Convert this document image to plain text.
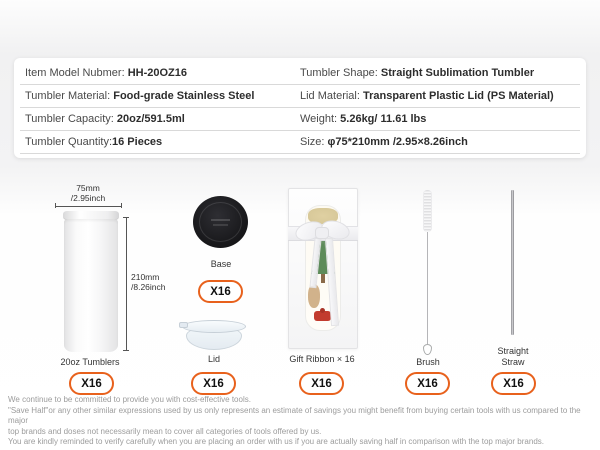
Item Model Nubmer: HH-20OZ16	Tumbler Shape: Straight Sublimation Tumbler
Tumbler Material: Food-grade Stainless Steel	Lid Material: Transparent Plastic Lid (PS Material)
Tumbler Capacity: 20oz/591.5ml	Weight: 5.26kg/ 11.61 lbs
Tumbler Quantity:16 Pieces	Size: φ75*210mm /2.95×8.26inch
75mm
/2.95inch
210mm
/8.26inch
20oz Tumblers
X16
Base
X16
Lid
X16
Gift Ribbon × 16
X16
Brush
X16
Straight
Straw
X16
We continue to be committed to provide you with cost-effective tools.
"Save Half"or any other similar expressions used by us only represents an estimate of savings you might benefit from buying certain tools with us compared to the major
top brands and doses not necessarily mean to cover all categories of tools offered by us.
You are kindly reminded to verify carefully when you are placing an order with us if you are actually saving half in comparison with the top major brands.
